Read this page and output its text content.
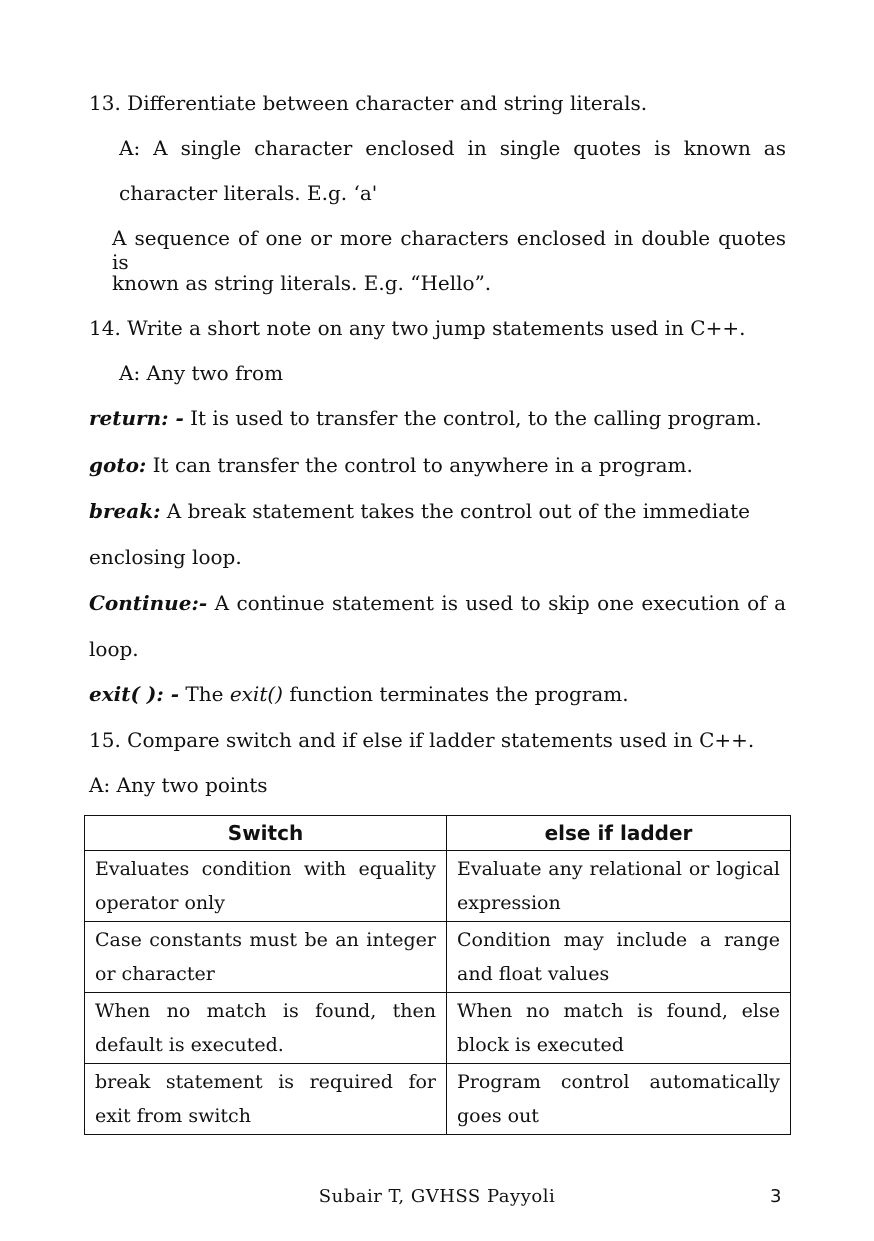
13. Differentiate between character and string literals.
A: A single character enclosed in single quotes is known as
character literals. E.g. ‘a'
A sequence of one or more characters enclosed in double quotes is
known as string literals. E.g. “Hello”.
14. Write a short note on any two jump statements used in C++.
A: Any two from
return: - It is used to transfer the control, to the calling program.
goto: It can transfer the control to anywhere in a program.
break: A break statement takes the control out of the immediate
enclosing loop.
Continue:- A continue statement is used to skip one execution of a
loop.
exit( ): - The exit() function terminates the program.
15. Compare switch and if else if ladder statements used in C++.
A: Any two points
Switch	else if ladder
Evaluates condition with equality operator only	Evaluate any relational or logical expression
Case constants must be an integer or character	Condition may include a range and float values
When no match is found, then default is executed.	When no match is found, else block is executed
break statement is required for exit from switch	Program control automatically goes out
Subair T, GVHSS Payyoli	3
